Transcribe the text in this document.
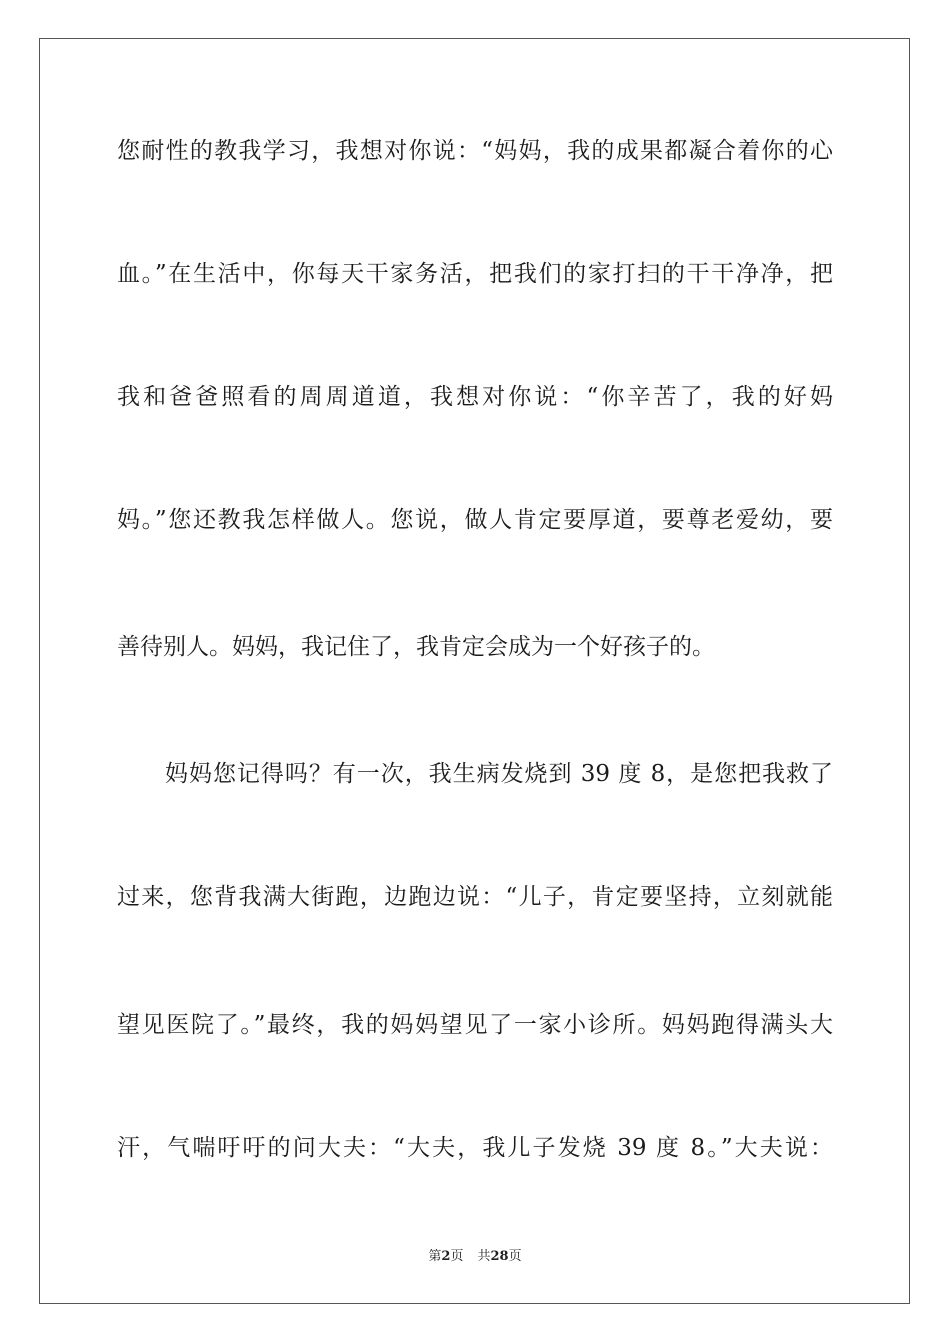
您耐性的教我学习，我想对你说：“妈妈，我的成果都凝合着你的心
血。”在生活中，你每天干家务活，把我们的家打扫的干干净净，把
我和爸爸照看的周周道道，我想对你说：“你辛苦了，我的好妈
妈。”您还教我怎样做人。您说，做人肯定要厚道，要尊老爱幼，要
善待别人。妈妈，我记住了，我肯定会成为一个好孩子的。
妈妈您记得吗？有一次，我生病发烧到 39 度 8，是您把我救了
过来，您背我满大街跑，边跑边说：“儿子，肯定要坚持，立刻就能
望见医院了。”最终，我的妈妈望见了一家小诊所。妈妈跑得满头大
汗，气喘吁吁的问大夫：“大夫，我儿子发烧 39 度 8。”大夫说：
第2页 共28页
